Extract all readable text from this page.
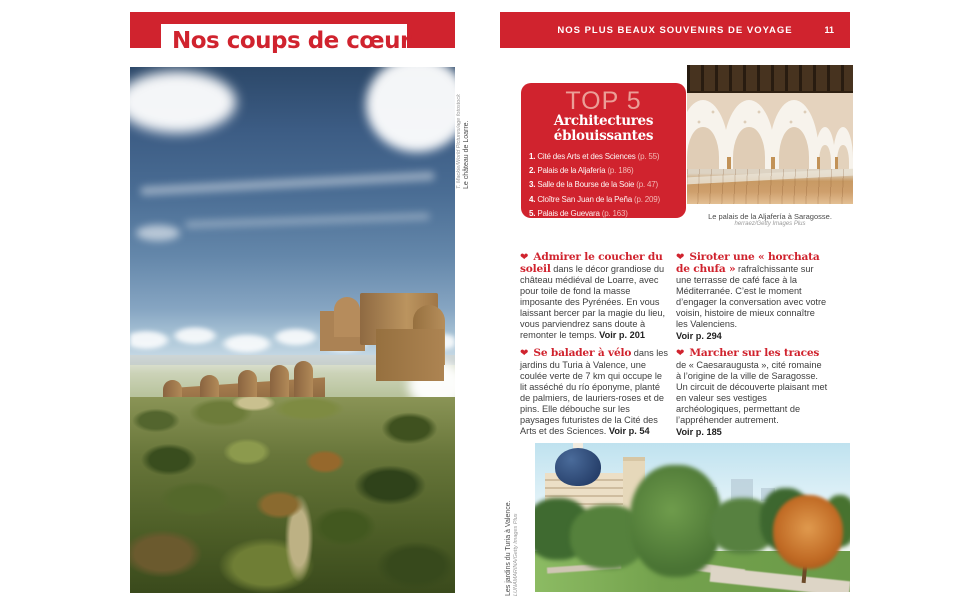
Nos coups de cœur
T. Mackie/World Pictures/age fotostock Le château de Loarre.
NOS PLUS BEAUX SOUVENIRS DE VOYAGE	11
Le palais de la Aljafería à Saragosse.
herraez/Getty Images Plus
TOP 5
Architectures
éblouissantes
1. Cité des Arts et des Sciences (p. 55)
2. Palais de la Aljafería (p. 186)
3. Salle de la Bourse de la Soie (p. 47)
4. Cloître San Juan de la Peña (p. 209)
5. Palais de Guevara (p. 163)

❤ Admirer le coucher du soleil dans le décor grandiose du château médiéval de Loarre, avec pour toile de fond la masse imposante des Pyrénées. En vous laissant bercer par la magie du lieu, vous parviendrez sans doute à remonter le temps. Voir p. 201

❤ Se balader à vélo dans les jardins du Turia à Valence, une coulée verte de 7 km qui occupe le lit asséché du río éponyme, planté de palmiers, de lauriers-roses et de pins. Elle débouche sur les paysages futuristes de la Cité des Arts et des Sciences. Voir p. 54

❤ Siroter une « horchata de chufa » rafraîchissante sur une terrasse de café face à la Méditerranée. C’est le moment d’engager la conversation avec votre voisin, histoire de mieux connaître les Valenciens.
Voir p. 294

❤ Marcher sur les traces de « Caesaraugusta », cité romaine à l’origine de la ville de Saragosse. Un circuit de découverte plaisant met en valeur ses vestiges archéologiques, permettant de l’appréhender autrement.
Voir p. 185

Les jardins du Turia à Valence. LUNAMARINA/Getty Images Plus
